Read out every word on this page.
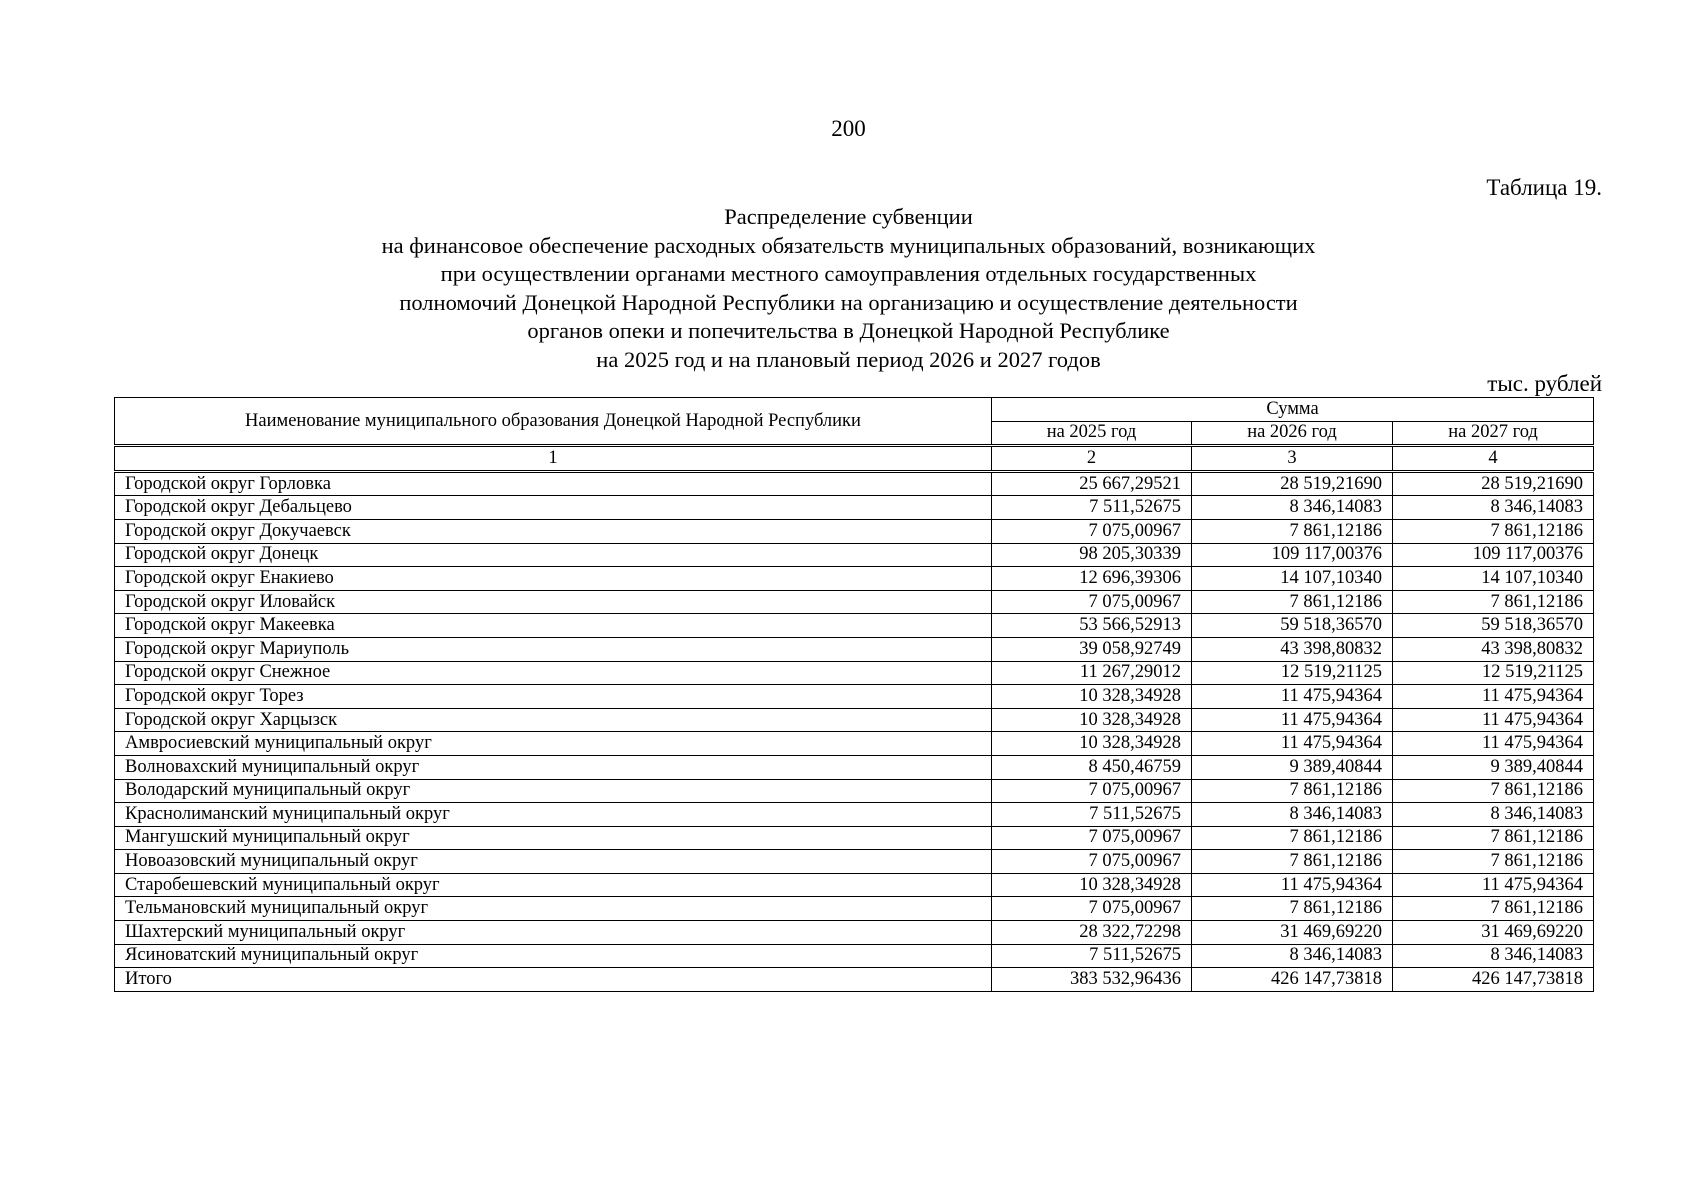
200
Таблица 19.
Распределение субвенции
на финансовое обеспечение расходных обязательств муниципальных образований, возникающих
при осуществлении органами местного самоуправления отдельных государственных
полномочий Донецкой Народной Республики на организацию и осуществление деятельности
органов опеки и попечительства в Донецкой Народной Республике
на 2025 год и на плановый период 2026 и 2027 годов
тыс. рублей
Наименование муниципального образования Донецкой Народной Республики	Сумма		
	на 2025 год	на 2026 год	на 2027 год
1	2	3	4
Городской округ Горловка	25 667,29521	28 519,21690	28 519,21690
Городской округ Дебальцево	7 511,52675	8 346,14083	8 346,14083
Городской округ Докучаевск	7 075,00967	7 861,12186	7 861,12186
Городской округ Донецк	98 205,30339	109 117,00376	109 117,00376
Городской округ Енакиево	12 696,39306	14 107,10340	14 107,10340
Городской округ Иловайск	7 075,00967	7 861,12186	7 861,12186
Городской округ Макеевка	53 566,52913	59 518,36570	59 518,36570
Городской округ Мариуполь	39 058,92749	43 398,80832	43 398,80832
Городской округ Снежное	11 267,29012	12 519,21125	12 519,21125
Городской округ Торез	10 328,34928	11 475,94364	11 475,94364
Городской округ Харцызск	10 328,34928	11 475,94364	11 475,94364
Амвросиевский муниципальный округ	10 328,34928	11 475,94364	11 475,94364
Волновахский муниципальный округ	8 450,46759	9 389,40844	9 389,40844
Володарский муниципальный округ	7 075,00967	7 861,12186	7 861,12186
Краснолиманский муниципальный округ	7 511,52675	8 346,14083	8 346,14083
Мангушский муниципальный округ	7 075,00967	7 861,12186	7 861,12186
Новоазовский муниципальный округ	7 075,00967	7 861,12186	7 861,12186
Старобешевский муниципальный округ	10 328,34928	11 475,94364	11 475,94364
Тельмановский муниципальный округ	7 075,00967	7 861,12186	7 861,12186
Шахтерский муниципальный округ	28 322,72298	31 469,69220	31 469,69220
Ясиноватский муниципальный округ	7 511,52675	8 346,14083	8 346,14083
Итого	383 532,96436	426 147,73818	426 147,73818
